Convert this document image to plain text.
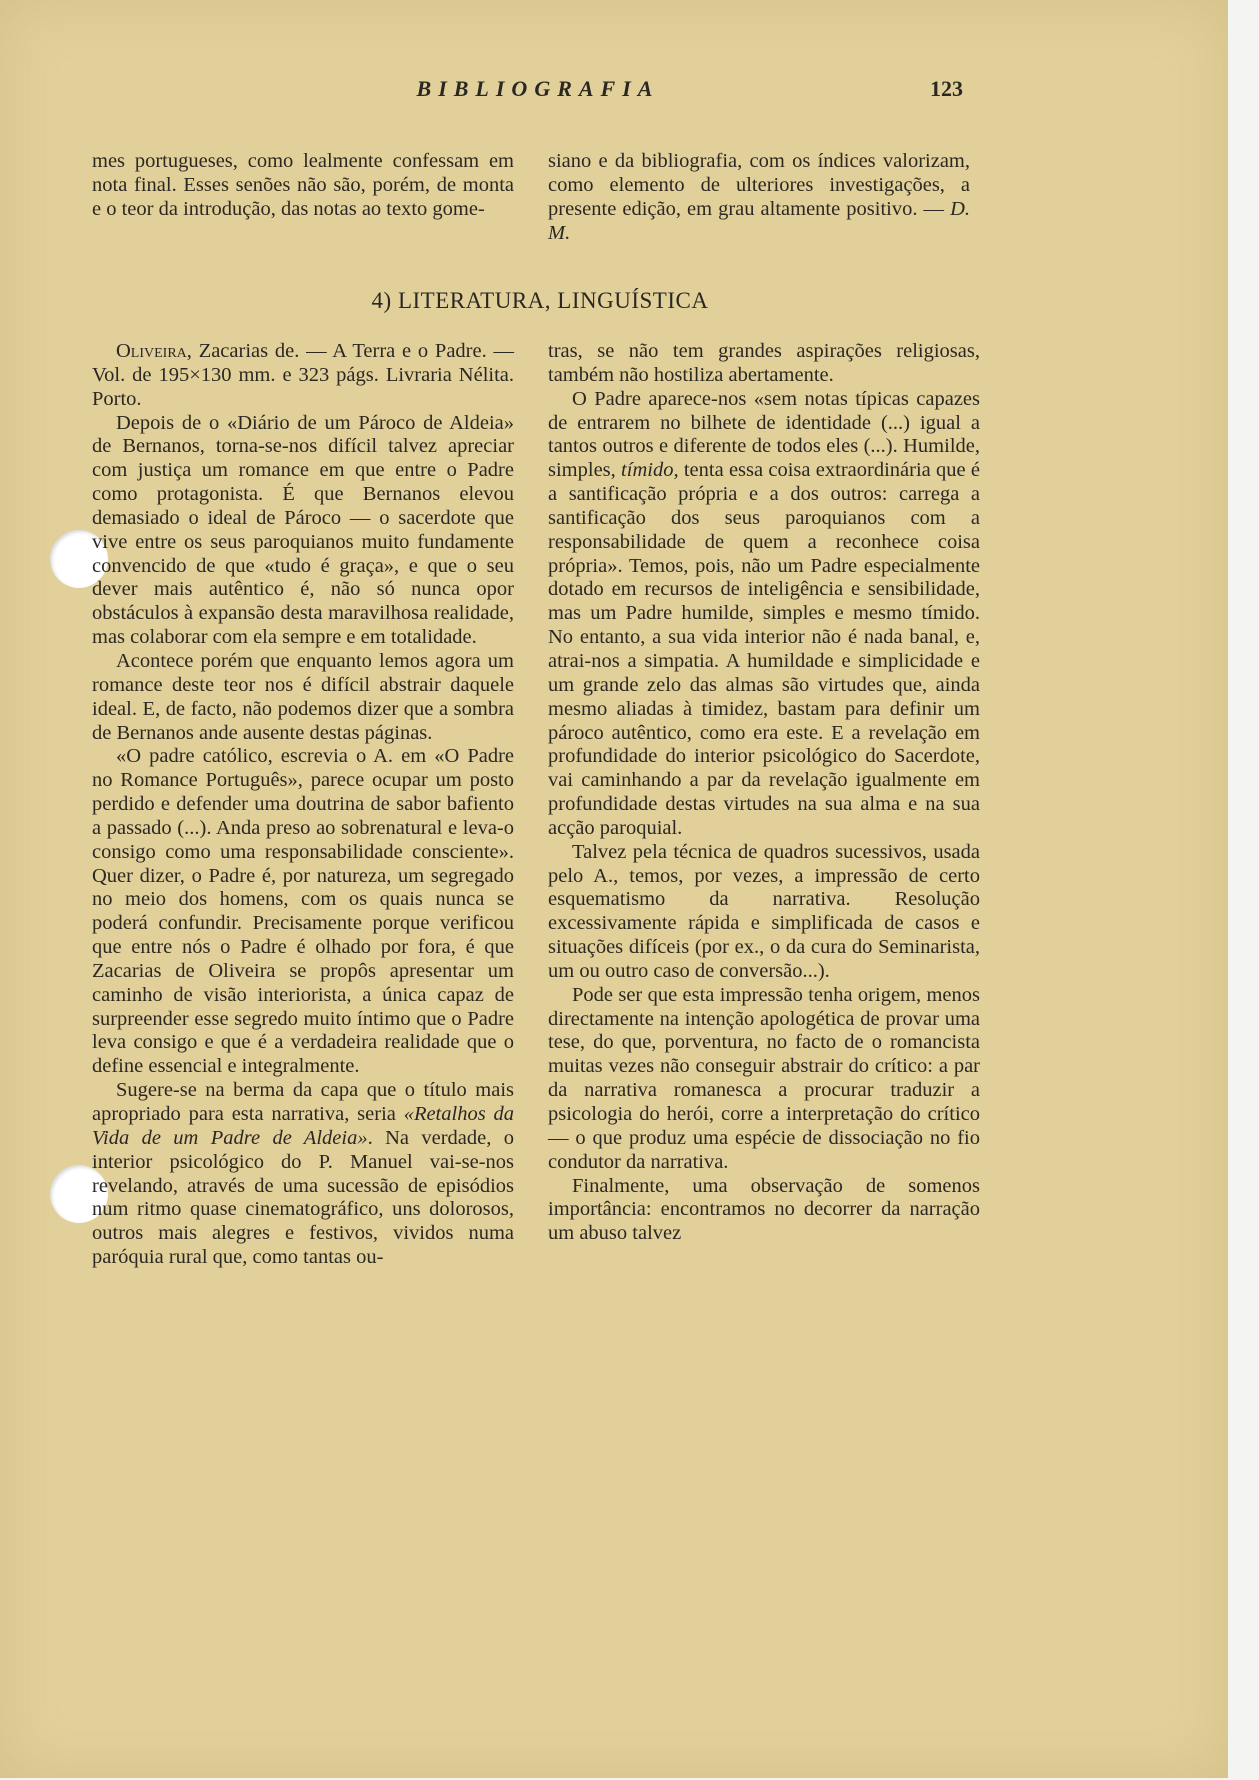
BIBLIOGRAFIA	123

mes portugueses, como lealmente confessam em nota final. Esses senões não são, porém, de monta e o teor da introdução, das notas ao texto gome-

siano e da bibliografia, com os índices valorizam, como elemento de ulteriores investigações, a presente edição, em grau altamente positivo. — D. M.

4) LITERATURA, LINGUÍSTICA

Oliveira, Zacarias de. — A Terra e o Padre. — Vol. de 195×130 mm. e 323 págs. Livraria Nélita. Porto.

Depois de o «Diário de um Pároco de Aldeia» de Bernanos, torna-se-nos difícil talvez apreciar com justiça um romance em que entre o Padre como protagonista. É que Bernanos elevou demasiado o ideal de Pároco — o sacerdote que vive entre os seus paroquianos muito fundamente convencido de que «tudo é graça», e que o seu dever mais autêntico é, não só nunca opor obstáculos à expansão desta maravilhosa realidade, mas colaborar com ela sempre e em totalidade.

Acontece porém que enquanto lemos agora um romance deste teor nos é difícil abstrair daquele ideal. E, de facto, não podemos dizer que a sombra de Bernanos ande ausente destas páginas.

«O padre católico, escrevia o A. em «O Padre no Romance Português», parece ocupar um posto perdido e defender uma doutrina de sabor bafiento a passado (...). Anda preso ao sobrenatural e leva-o consigo como uma responsabilidade consciente». Quer dizer, o Padre é, por natureza, um segregado no meio dos homens, com os quais nunca se poderá confundir. Precisamente porque verificou que entre nós o Padre é olhado por fora, é que Zacarias de Oliveira se propôs apresentar um caminho de visão interiorista, a única capaz de surpreender esse segredo muito íntimo que o Padre leva consigo e que é a verdadeira realidade que o define essencial e integralmente.

Sugere-se na berma da capa que o título mais apropriado para esta narrativa, seria «Retalhos da Vida de um Padre de Aldeia». Na verdade, o interior psicológico do P. Manuel vai-se-nos revelando, através de uma sucessão de episódios num ritmo quase cinematográfico, uns dolorosos, outros mais alegres e festivos, vividos numa paróquia rural que, como tantas ou-

tras, se não tem grandes aspirações religiosas, também não hostiliza abertamente.

O Padre aparece-nos «sem notas típicas capazes de entrarem no bilhete de identidade (...) igual a tantos outros e diferente de todos eles (...). Humilde, simples, tímido, tenta essa coisa extraordinária que é a santificação própria e a dos outros: carrega a santificação dos seus paroquianos com a responsabilidade de quem a reconhece coisa própria». Temos, pois, não um Padre especialmente dotado em recursos de inteligência e sensibilidade, mas um Padre humilde, simples e mesmo tímido. No entanto, a sua vida interior não é nada banal, e, atrai-nos a simpatia. A humildade e simplicidade e um grande zelo das almas são virtudes que, ainda mesmo aliadas à timidez, bastam para definir um pároco autêntico, como era este. E a revelação em profundidade do interior psicológico do Sacerdote, vai caminhando a par da revelação igualmente em profundidade destas virtudes na sua alma e na sua acção paroquial.

Talvez pela técnica de quadros sucessivos, usada pelo A., temos, por vezes, a impressão de certo esquematismo da narrativa. Resolução excessivamente rápida e simplificada de casos e situações difíceis (por ex., o da cura do Seminarista, um ou outro caso de conversão...).

Pode ser que esta impressão tenha origem, menos directamente na intenção apologética de provar uma tese, do que, porventura, no facto de o romancista muitas vezes não conseguir abstrair do crítico: a par da narrativa romanesca a procurar traduzir a psicologia do herói, corre a interpretação do crítico — o que produz uma espécie de dissociação no fio condutor da narrativa.

Finalmente, uma observação de somenos importância: encontramos no decorrer da narração um abuso talvez
